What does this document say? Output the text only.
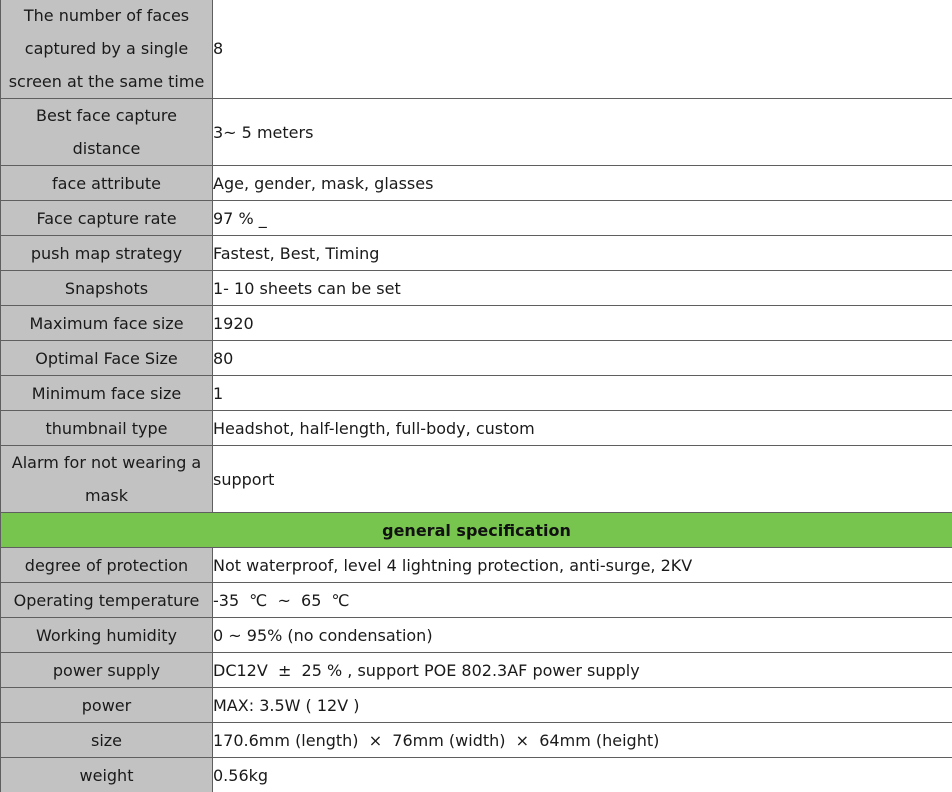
The number of faces captured by a single screen at the same time	8
Best face capture distance	3~ 5 meters
face attribute	Age, gender, mask, glasses
Face capture rate	97 % _
push map strategy	Fastest, Best, Timing
Snapshots	1- 10 sheets can be set
Maximum face size	1920
Optimal Face Size	80
Minimum face size	1
thumbnail type	Headshot, half-length, full-body, custom
Alarm for not wearing a mask	support
general specification	
degree of protection	Not waterproof, level 4 lightning protection, anti-surge, 2KV
Operating temperature	-35  ℃  ~  65  ℃
Working humidity	0 ~ 95% (no condensation)
power supply	DC12V  ±  25 % , support POE 802.3AF power supply
power	MAX: 3.5W ( 12V )
size	170.6mm (length)  ×  76mm (width)  ×  64mm (height)
weight	0.56kg
